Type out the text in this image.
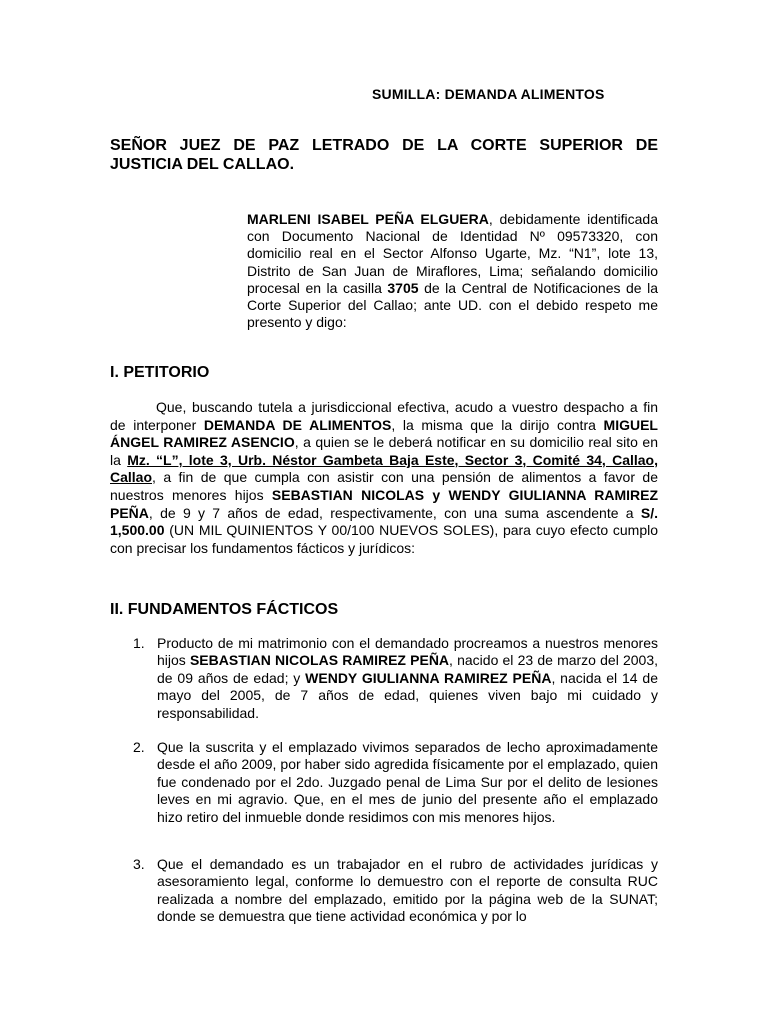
SUMILLA: DEMANDA ALIMENTOS
SEÑOR JUEZ DE PAZ LETRADO DE LA CORTE SUPERIOR DE JUSTICIA DEL CALLAO.
MARLENI ISABEL PEÑA ELGUERA, debidamente identificada con Documento Nacional de Identidad Nº 09573320, con domicilio real en el Sector Alfonso Ugarte, Mz. “N1”, lote 13, Distrito de San Juan de Miraflores, Lima; señalando domicilio procesal en la casilla 3705 de la Central de Notificaciones de la Corte Superior del Callao; ante UD. con el debido respeto me presento y digo:
I. PETITORIO
Que, buscando tutela a jurisdiccional efectiva, acudo a vuestro despacho a fin de interponer DEMANDA DE ALIMENTOS, la misma que la dirijo contra MIGUEL ÁNGEL RAMIREZ ASENCIO, a quien se le deberá notificar en su domicilio real sito en la Mz. “L”, lote 3, Urb. Néstor Gambeta Baja Este, Sector 3, Comité 34, Callao, Callao, a fin de que cumpla con asistir con una pensión de alimentos a favor de nuestros menores hijos SEBASTIAN NICOLAS y WENDY GIULIANNA RAMIREZ PEÑA, de 9 y 7 años de edad, respectivamente, con una suma ascendente a S/. 1,500.00 (UN MIL QUINIENTOS Y 00/100 NUEVOS SOLES), para cuyo efecto cumplo con precisar los fundamentos fácticos y jurídicos:
II. FUNDAMENTOS FÁCTICOS
1. Producto de mi matrimonio con el demandado procreamos a nuestros menores hijos SEBASTIAN NICOLAS RAMIREZ PEÑA, nacido el 23 de marzo del 2003, de 09 años de edad; y WENDY GIULIANNA RAMIREZ PEÑA, nacida el 14 de mayo del 2005, de 7 años de edad, quienes viven bajo mi cuidado y responsabilidad.
2. Que la suscrita y el emplazado vivimos separados de lecho aproximadamente desde el año 2009, por haber sido agredida físicamente por el emplazado, quien fue condenado por el 2do. Juzgado penal de Lima Sur por el delito de lesiones leves en mi agravio. Que, en el mes de junio del presente año el emplazado hizo retiro del inmueble donde residimos con mis menores hijos.
3. Que el demandado es un trabajador en el rubro de actividades jurídicas y asesoramiento legal, conforme lo demuestro con el reporte de consulta RUC realizada a nombre del emplazado, emitido por la página web de la SUNAT; donde se demuestra que tiene actividad económica y por lo
